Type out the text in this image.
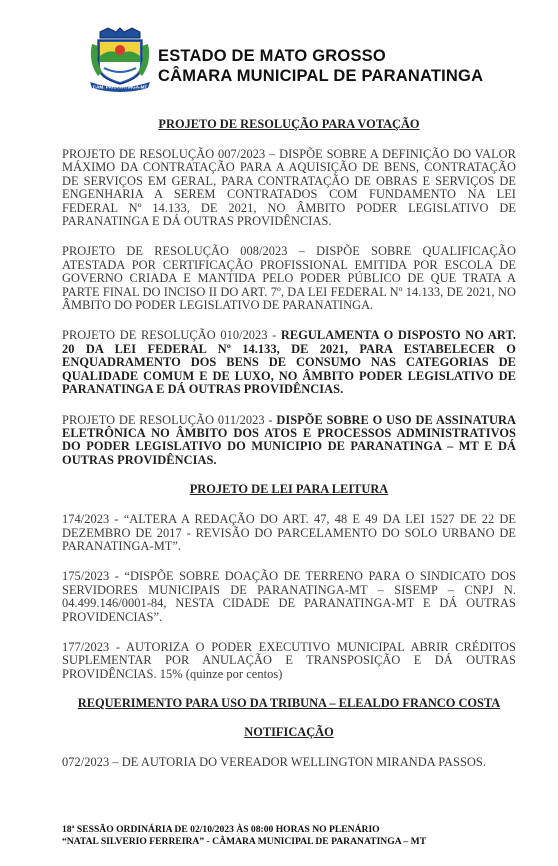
CÂM. PARANATINGA-MT
ESTADO DE MATO GROSSO
CÂMARA MUNICIPAL DE PARANATINGA

PROJETO DE RESOLUÇÃO PARA VOTAÇÃO

PROJETO DE RESOLUÇÃO 007/2023 – DISPÕE SOBRE A DEFINIÇÃO DO VALOR MÁXIMO DA CONTRATAÇÃO PARA A AQUISIÇÃO DE BENS, CONTRATAÇÃO DE SERVIÇOS EM GERAL, PARA CONTRATAÇÃO DE OBRAS E SERVIÇOS DE ENGENHARIA A SEREM CONTRATADOS COM FUNDAMENTO NA LEI FEDERAL Nº 14.133, DE 2021, NO ÂMBITO PODER LEGISLATIVO DE PARANATINGA E DÁ OUTRAS PROVIDÊNCIAS.

PROJETO DE RESOLUÇÃO 008/2023 – DISPÕE SOBRE QUALIFICAÇÃO ATESTADA POR CERTIFICAÇÃO PROFISSIONAL EMITIDA POR ESCOLA DE GOVERNO CRIADA E MANTIDA PELO PODER PÚBLICO DE QUE TRATA A PARTE FINAL DO INCISO II DO ART. 7º, DA LEI FEDERAL Nº 14.133, DE 2021, NO ÂMBITO DO PODER LEGISLATIVO DE PARANATINGA.

PROJETO DE RESOLUÇÃO 010/2023 - REGULAMENTA O DISPOSTO NO ART. 20 DA LEI FEDERAL Nº 14.133, DE 2021, PARA ESTABELECER O ENQUADRAMENTO DOS BENS DE CONSUMO NAS CATEGORIAS DE QUALIDADE COMUM E DE LUXO, NO ÂMBITO PODER LEGISLATIVO DE PARANATINGA E DÁ OUTRAS PROVIDÊNCIAS.

PROJETO DE RESOLUÇÃO 011/2023 - DISPÕE SOBRE O USO DE ASSINATURA ELETRÔNICA NO ÂMBITO DOS ATOS E PROCESSOS ADMINISTRATIVOS DO PODER LEGISLATIVO DO MUNICIPIO DE PARANATINGA – MT E DÁ OUTRAS PROVIDÊNCIAS.

PROJETO DE LEI PARA LEITURA

174/2023 - “ALTERA A REDAÇÃO DO ART. 47, 48 E 49 DA LEI 1527 DE 22 DE DEZEMBRO DE 2017 - REVISÃO DO PARCELAMENTO DO SOLO URBANO DE PARANATINGA-MT”.

175/2023 - “DISPÕE SOBRE DOAÇÃO DE TERRENO PARA O SINDICATO DOS SERVIDORES MUNICIPAIS DE PARANATINGA-MT – SISEMP – CNPJ N. 04.499.146/0001-84, NESTA CIDADE DE PARANATINGA-MT E DÁ OUTRAS PROVIDENCIAS”.

177/2023 - AUTORIZA O PODER EXECUTIVO MUNICIPAL ABRIR CRÉDITOS SUPLEMENTAR POR ANULAÇÃO E TRANSPOSIÇÃO E DÁ OUTRAS PROVIDÊNCIAS. 15% (quinze por centos)

REQUERIMENTO PARA USO DA TRIBUNA – ELEALDO FRANCO COSTA

NOTIFICAÇÃO

072/2023 – DE AUTORIA DO VEREADOR WELLINGTON MIRANDA PASSOS.

18ª SESSÃO ORDINÁRIA DE 02/10/2023 ÀS 08:00 HORAS NO PLENÁRIO
“NATAL SILVERIO FERREIRA” - CÂMARA MUNICIPAL DE PARANATINGA – MT
